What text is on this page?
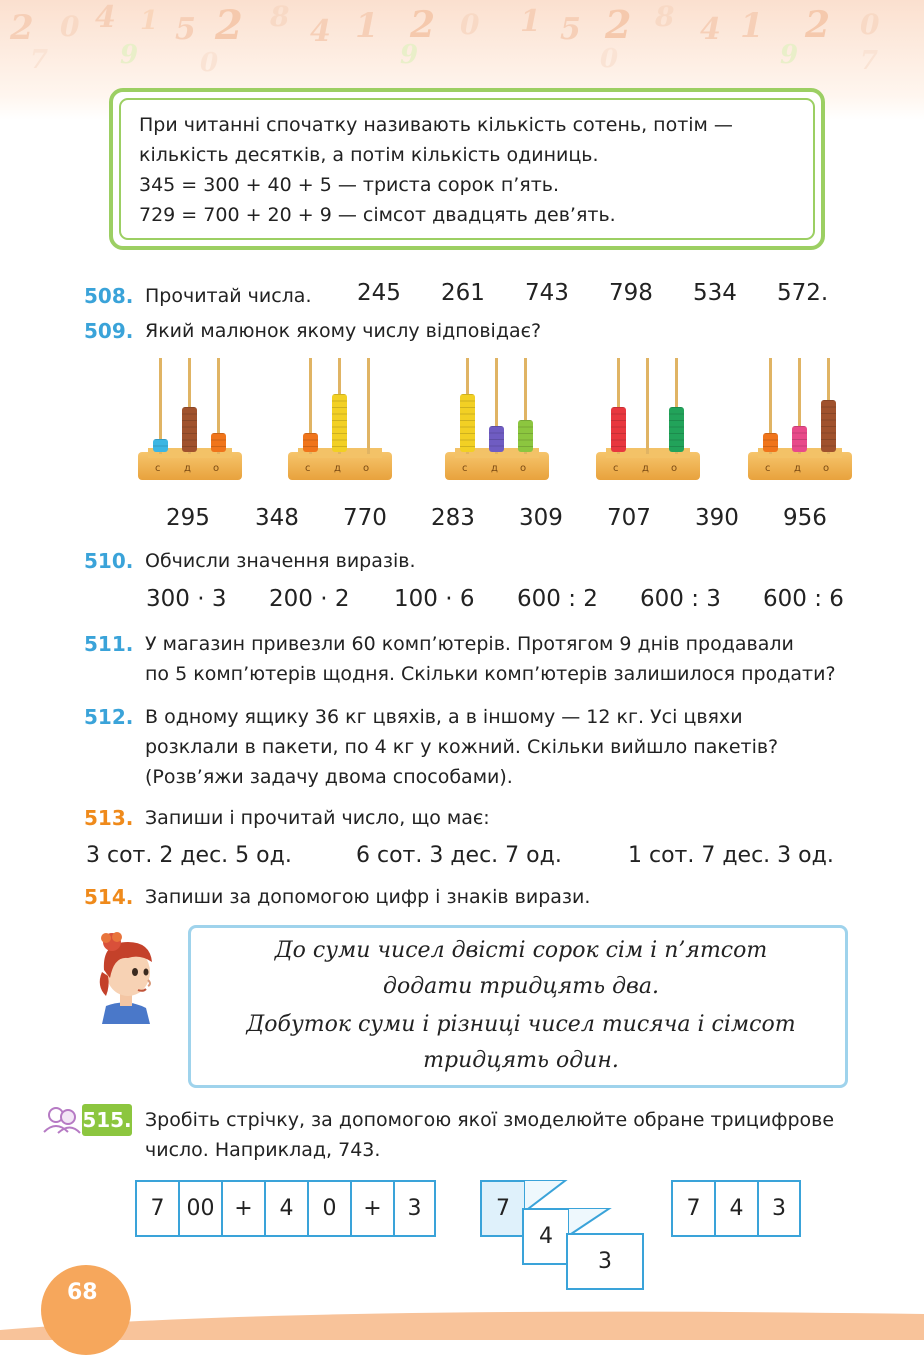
2 0 4 1 5 2 8 4 1 2 0 1 5 2 8 4 1 2 0
7	9 0	9	0	9 7
При читанні спочатку називають кількість сотень, потім —
кількість десятків, а потім кількість одиниць.
345 = 300 + 40 + 5 — триста сорок п’ять.
729 = 700 + 20 + 9 — сімсот двадцять дев’ять.
508. Прочитай числа. 245 261 743 798 534 572.
509. Який малюнок якому числу відповідає?
с д о	с д о	с д о	с д о	с д о
295 348 770 283 309 707 390 956
510. Обчисли значення виразів.
300 · 3 200 · 2 100 · 6 600 : 2 600 : 3 600 : 6
511. У магазин привезли 60 комп’ютерів. Протягом 9 днів продавали
по 5 комп’ютерів щодня. Скільки комп’ютерів залишилося продати?
512. В одному ящику 36 кг цвяхів, а в іншому — 12 кг. Усі цвяхи
розклали в пакети, по 4 кг у кожний. Скільки вийшло пакетів?
(Розв’яжи задачу двома способами).
513. Запиши і прочитай число, що має:
3 сот. 2 дес. 5 од.	6 сот. 3 дес. 7 од.	1 сот. 7 дес. 3 од.
514. Запиши за допомогою цифр і знаків вирази.
До суми чисел двісті сорок сім і п’ятсот
додати тридцять два.
Добуток суми і різниці чисел тисяча і сімсот
тридцять один.
515. Зробіть стрічку, за допомогою якої змоделюйте обране трицифрове
число. Наприклад, 743.
7	00 +	4	0	+	3	7
4
3
7	4	3
68
